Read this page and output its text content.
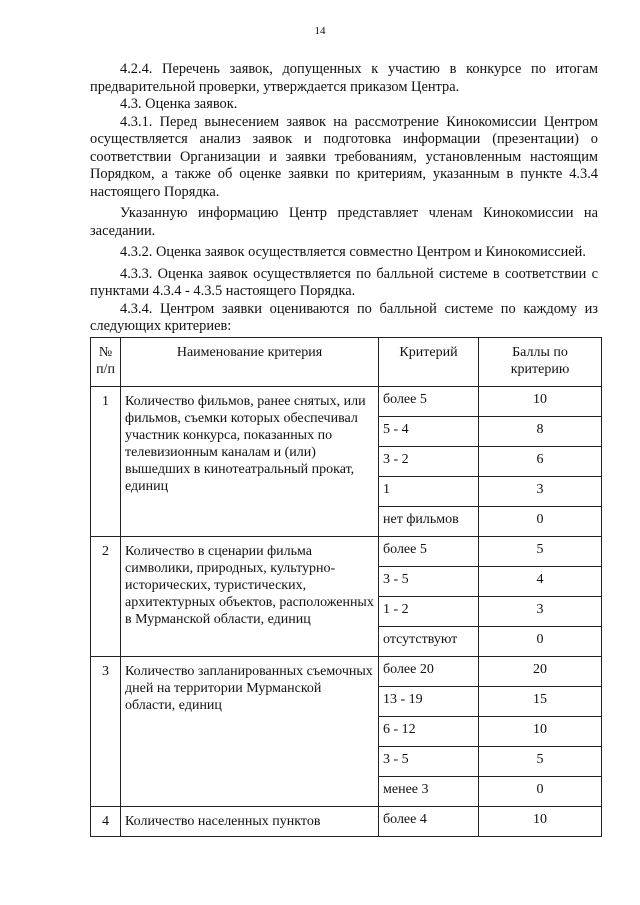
14

4.2.4. Перечень заявок, допущенных к участию в конкурсе по итогам предварительной проверки, утверждается приказом Центра.

4.3. Оценка заявок.

4.3.1. Перед вынесением заявок на рассмотрение Кинокомиссии Центром осуществляется анализ заявок и подготовка информации (презентации) о соответствии Организации и заявки требованиям, установленным настоящим Порядком, а также об оценке заявки по критериям, указанным в пункте 4.3.4 настоящего Порядка.

Указанную информацию Центр представляет членам Кинокомиссии на заседании.

4.3.2. Оценка заявок осуществляется совместно Центром и Кинокомиссией.

4.3.3. Оценка заявок осуществляется по балльной системе в соответствии с пунктами 4.3.4 - 4.3.5 настоящего Порядка.

4.3.4. Центром заявки оцениваются по балльной системе по каждому из следующих критериев:

№ п/п	Наименование критерия	Критерий	Баллы по критерию
1	Количество фильмов, ранее снятых, или фильмов, съемки которых обеспечивал участник конкурса, показанных по телевизионным каналам и (или) вышедших в кинотеатральный прокат, единиц	более 5	10
		5 - 4	8
		3 - 2	6
		1	3
		нет фильмов	0
2	Количество в сценарии фильма символики, природных, культурно-исторических, туристических, архитектурных объектов, расположенных в Мурманской области, единиц	более 5	5
		3 - 5	4
		1 - 2	3
		отсутствуют	0
3	Количество запланированных съемочных дней на территории Мурманской области, единиц	более 20	20
		13 - 19	15
		6 - 12	10
		3 - 5	5
		менее 3	0
4	Количество населенных пунктов	более 4	10
